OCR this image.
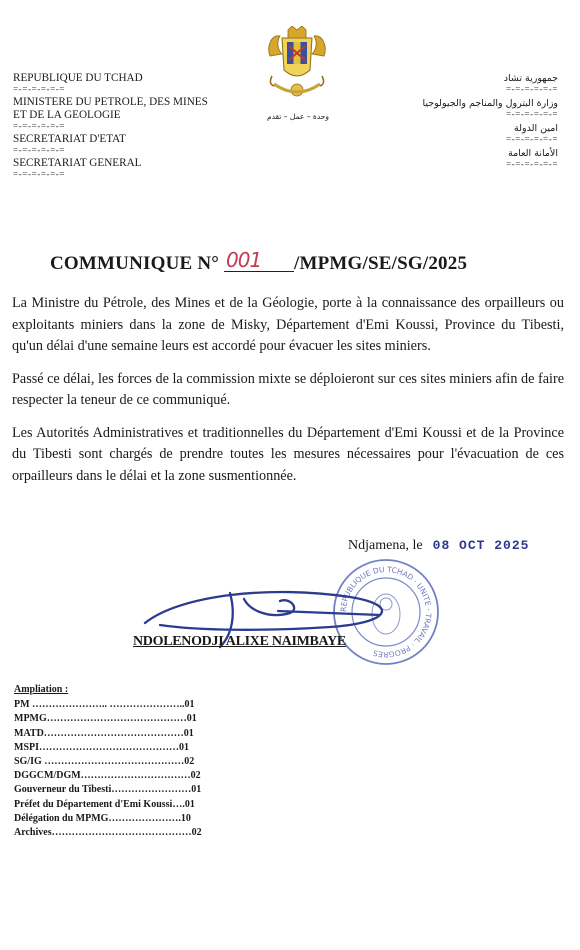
وحدة – عمل – تقدم
REPUBLIQUE DU TCHAD
=-=-=-=-=-=
MINISTERE DU PETROLE, DES MINES
ET DE LA GEOLOGIE
=-=-=-=-=-=
SECRETARIAT D'ETAT
=-=-=-=-=-=
SECRETARIAT GENERAL
=-=-=-=-=-=
جمهورية تشاد
=-=-=-=-=-=
وزارة البترول والمناجم والجيولوجيا
=-=-=-=-=-=
امين الدولة
=-=-=-=-=-=
الأمانة العامة
=-=-=-=-=-=
COMMUNIQUE N° 001 /MPMG/SE/SG/2025

La Ministre du Pétrole, des Mines et de la Géologie, porte à la connaissance des orpailleurs ou exploitants miniers dans la zone de Misky, Département d'Emi Koussi, Province du Tibesti, qu'un délai d'une semaine leurs est accordé pour évacuer les sites miniers.

Passé ce délai, les forces de la commission mixte se déploieront sur ces sites miniers afin de faire respecter la teneur de ce communiqué.

Les Autorités Administratives et traditionnelles du Département d'Emi Koussi et de la Province du Tibesti sont chargés de prendre toutes les mesures nécessaires pour l'évacuation de ces orpailleurs dans le délai et la zone susmentionnée.

Ndjamena, le 08 OCT 2025
REPUBLIQUE DU TCHAD · UNITE · TRAVAIL · PROGRES
NDOLENODJI ALIXE NAIMBAYE
Ampliation :
PM ………………….. …………………..01
MPMG……………………………………01
MATD……………………………………01
MSPI……………………………………01
SG/IG ……………………………………02
DGGCM/DGM……………………………02
Gouverneur du Tibesti……………………01
Préfet du Département d'Emi Koussi….01
Délégation du MPMG………………….10
Archives……………………………………02
